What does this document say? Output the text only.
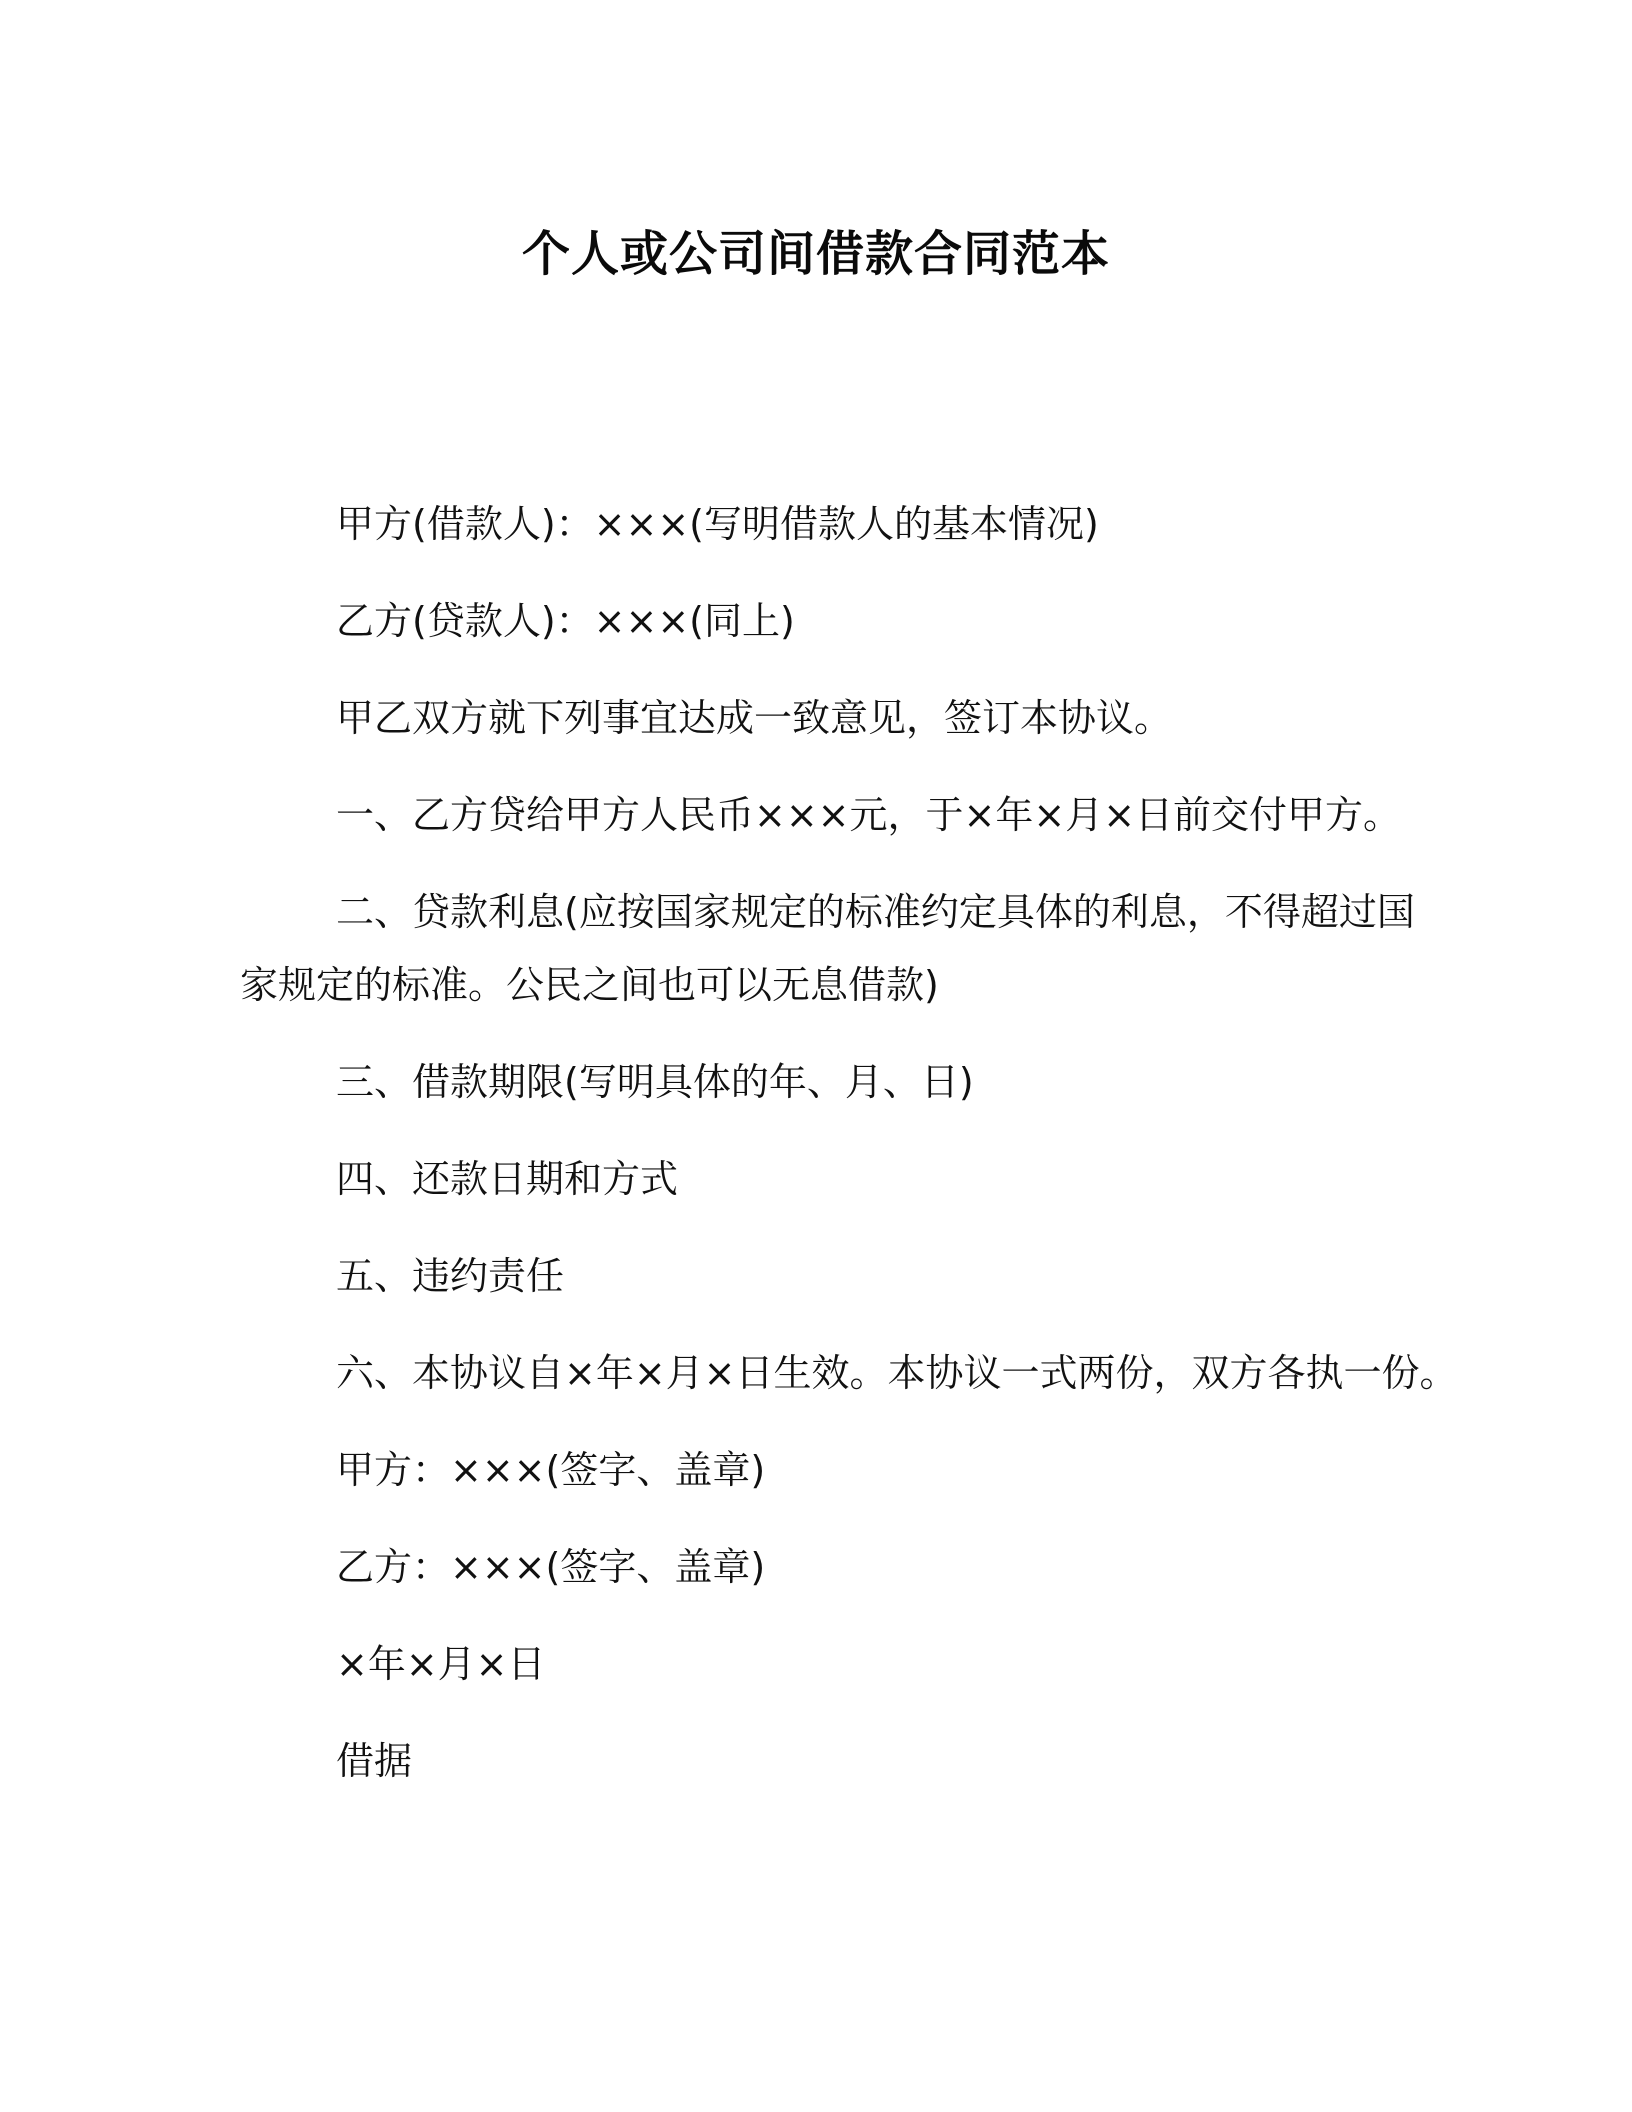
个人或公司间借款合同范本

甲方(借款人)：×××(写明借款人的基本情况)

乙方(贷款人)：×××(同上)

甲乙双方就下列事宜达成一致意见，签订本协议。

一、乙方贷给甲方人民币×××元，于×年×月×日前交付甲方。

二、贷款利息(应按国家规定的标准约定具体的利息，不得超过国家规定的标准。公民之间也可以无息借款)

三、借款期限(写明具体的年、月、日)

四、还款日期和方式

五、违约责任

六、本协议自×年×月×日生效。本协议一式两份，双方各执一份。

甲方：×××(签字、盖章)

乙方：×××(签字、盖章)

×年×月×日

借据
